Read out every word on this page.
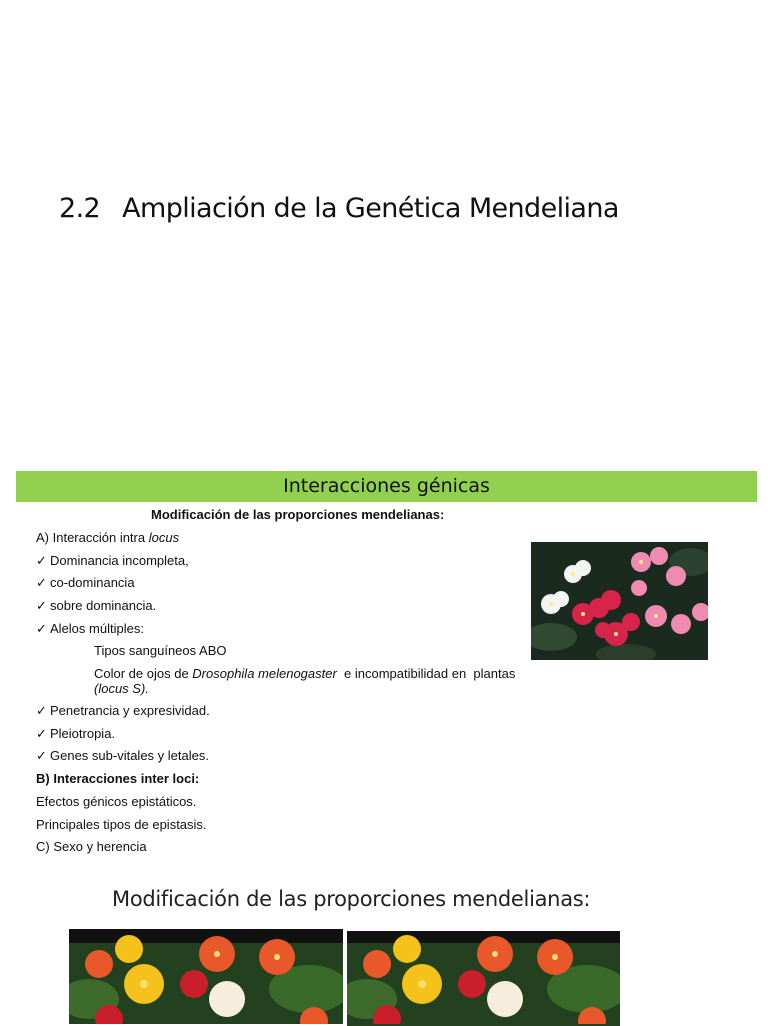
2.2 Ampliación de la Genética Mendeliana
Interacciones génicas
Modificación de las proporciones mendelianas:
A) Interacción intra locus
✓ Dominancia incompleta,
✓ co-dominancia
✓ sobre dominancia.
✓ Alelos múltiples:
Tipos sanguíneos ABO
Color de ojos de Drosophila melenogaster  e incompatibilidad en  plantas
(locus S).
✓ Penetrancia y expresividad.
✓ Pleiotropia.
✓ Genes sub-vitales y letales.
B) Interacciones inter loci:
Efectos génicos epistáticos.
Principales tipos de epistasis.
C) Sexo y herencia
Modificación de las proporciones mendelianas:
